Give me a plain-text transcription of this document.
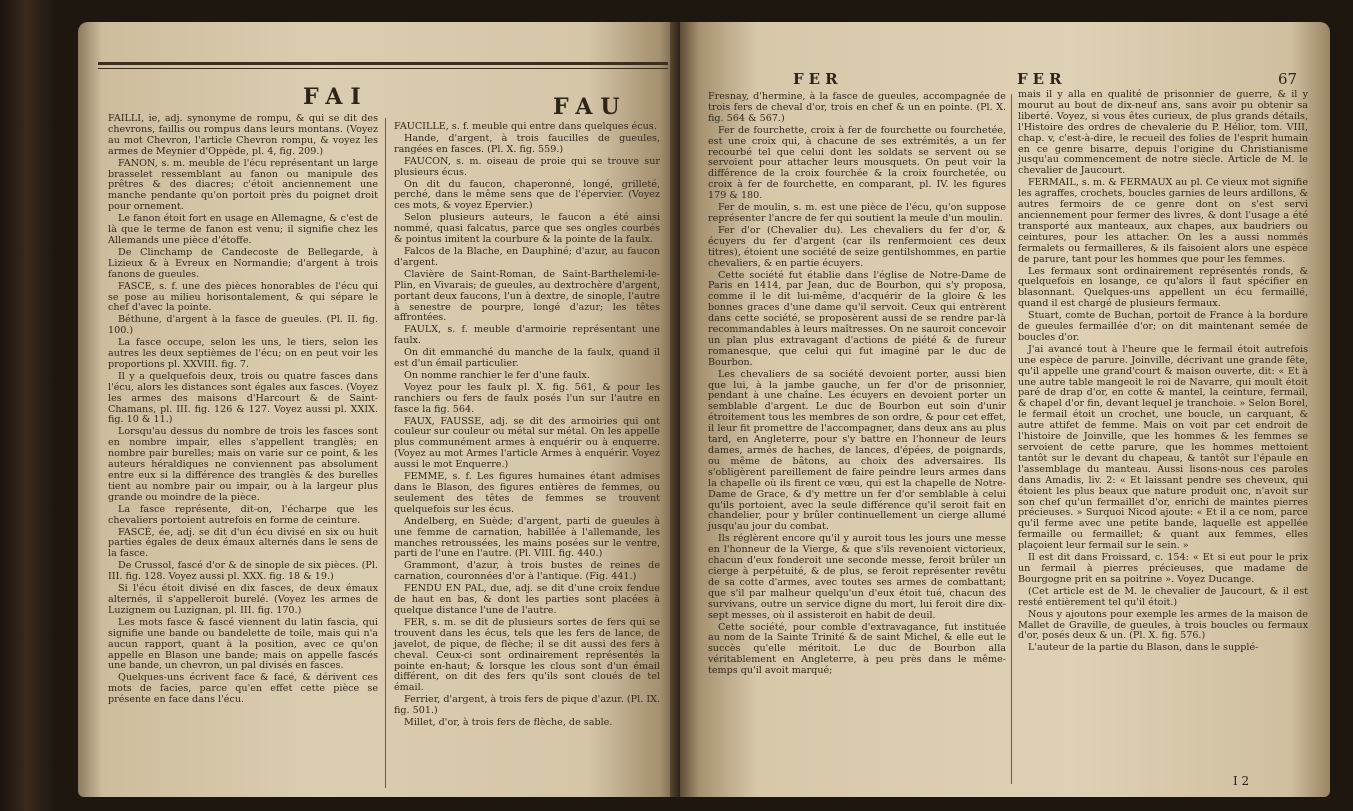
FAI	FAU

FAILLI, ie, adj. synonyme de rompu, & qui se dit des chevrons, faillis ou rompus dans leurs montans. (Voyez au mot Chevron, l'article Chevron rompu, & voyez les armes de Meynier d'Oppède, pl. 4, fig. 209.)

FANON, s. m. meuble de l'écu représentant un large brasselet ressemblant au fanon ou manipule des prêtres & des diacres; c'étoit anciennement une manche pendante qu'on portoit près du poignet droit pour ornement.

Le fanon étoit fort en usage en Allemagne, & c'est de là que le terme de fanon est venu; il signifie chez les Allemands une pièce d'étoffe.

De Clinchamp de Candecoste de Bellegarde, à Lizieux & à Evreux en Normandie; d'argent à trois fanons de gueules.

FASCE, s. f. une des pièces honorables de l'écu qui se pose au milieu horisontalement, & qui sépare le chef d'avec la pointe.

Béthune, d'argent à la fasce de gueules. (Pl. II. fig. 100.)

La fasce occupe, selon les uns, le tiers, selon les autres les deux septièmes de l'écu; on en peut voir les proportions pl. XXVIII. fig. 7.

Il y a quelquefois deux, trois ou quatre fasces dans l'écu, alors les distances sont égales aux fasces. (Voyez les armes des maisons d'Harcourt & de Saint-Chamans, pl. III. fig. 126 & 127. Voyez aussi pl. XXIX. fig. 10 & 11.)

Lorsqu'au dessus du nombre de trois les fasces sont en nombre impair, elles s'appellent tranglès; en nombre pair burelles; mais on varie sur ce point, & les auteurs héraldiques ne conviennent pas absolument entre eux si la différence des tranglès & des burelles tient au nombre pair ou impair, ou à la largeur plus grande ou moindre de la pièce.

La fasce représente, dit-on, l'écharpe que les chevaliers portoient autrefois en forme de ceinture.

FASCÉ, ée, adj. se dit d'un écu divisé en six ou huit parties égales de deux émaux alternés dans le sens de la fasce.

De Crussol, fascé d'or & de sinople de six pièces. (Pl. III. fig. 128. Voyez aussi pl. XXX. fig. 18 & 19.)

Si l'écu étoit divisé en dix fasces, de deux émaux alternés, il s'appelleroit burelé. (Voyez les armes de Luzignem ou Luzignan, pl. III. fig. 170.)

Les mots fasce & fascé viennent du latin fascia, qui signifie une bande ou bandelette de toile, mais qui n'a aucun rapport, quant à la position, avec ce qu'on appelle en Blason une bande; mais on appelle fascés une bande, un chevron, un pal divisés en fasces.

Quelques-uns écrivent face & facé, & dérivent ces mots de facies, parce qu'en effet cette pièce se présente en face dans l'écu.

FAUCILLE, s. f. meuble qui entre dans quelques écus.

Hande, d'argent, à trois faucilles de gueules, rangées en fasces. (Pl. X. fig. 559.)

FAUCON, s. m. oiseau de proie qui se trouve sur plusieurs écus.

On dit du faucon, chaperonné, longé, grilleté, perché, dans le même sens que de l'épervier. (Voyez ces mots, & voyez Epervier.)

Selon plusieurs auteurs, le faucon a été ainsi nommé, quasi falcatus, parce que ses ongles courbés & pointus imitent la courbure & la pointe de la faulx.

Falcos de la Blache, en Dauphiné; d'azur, au faucon d'argent.

Clavière de Saint-Roman, de Saint-Barthelemi-le-Plin, en Vivarais; de gueules, au dextrochère d'argent, portant deux faucons, l'un à dextre, de sinople, l'autre à senestre de pourpre, longé d'azur; les têtes affrontées.

FAULX, s. f. meuble d'armoirie représentant une faulx.

On dit emmanché du manche de la faulx, quand il est d'un émail particulier.

On nomme ranchier le fer d'une faulx.

Voyez pour les faulx pl. X. fig. 561, & pour les ranchiers ou fers de faulx posés l'un sur l'autre en fasce la fig. 564.

FAUX, FAUSSE, adj. se dit des armoiries qui ont couleur sur couleur ou métal sur métal. On les appelle plus communément armes à enquérir ou à enquerre. (Voyez au mot Armes l'article Armes à enquérir. Voyez aussi le mot Enquerre.)

FEMME, s. f. Les figures humaines étant admises dans le Blason, des figures entières de femmes, ou seulement des têtes de femmes se trouvent quelquefois sur les écus.

Andelberg, en Suède; d'argent, parti de gueules à une femme de carnation, habillée à l'allemande, les manches retroussées, les mains posées sur le ventre, parti de l'une en l'autre. (Pl. VIII. fig. 440.)

Grammont, d'azur, à trois bustes de reines de carnation, couronnées d'or à l'antique. (Fig. 441.)

FENDU EN PAL, due, adj. se dit d'une croix fendue de haut en bas, & dont les parties sont placées à quelque distance l'une de l'autre.

FER, s. m. se dit de plusieurs sortes de fers qui se trouvent dans les écus, tels que les fers de lance, de javelot, de pique, de flèche; il se dit aussi des fers à cheval. Ceux-ci sont ordinairement représentés la pointe en-haut; & lorsque les clous sont d'un émail différent, on dit des fers qu'ils sont cloués de tel émail.

Ferrier, d'argent, à trois fers de pique d'azur. (Pl. IX. fig. 501.)

Millet, d'or, à trois fers de flèche, de sable.

FER	FER	67

Fresnay, d'hermine, à la fasce de gueules, accompagnée de trois fers de cheval d'or, trois en chef & un en pointe. (Pl. X. fig. 564 & 567.)

Fer de fourchette, croix à fer de fourchette ou fourchetée, est une croix qui, à chacune de ses extrémités, a un fer recourbé tel que celui dont les soldats se servent ou se servoient pour attacher leurs mousquets. On peut voir la différence de la croix fourchée & la croix fourchetée, ou croix à fer de fourchette, en comparant, pl. IV. les figures 179 & 180.

Fer de moulin, s. m. est une pièce de l'écu, qu'on suppose représenter l'ancre de fer qui soutient la meule d'un moulin.

Fer d'or (Chevalier du). Les chevaliers du fer d'or, & écuyers du fer d'argent (car ils renfermoient ces deux titres), étoient une société de seize gentilshommes, en partie chevaliers, & en partie écuyers.

Cette société fut établie dans l'église de Notre-Dame de Paris en 1414, par Jean, duc de Bourbon, qui s'y proposa, comme il le dit lui-même, d'acquérir de la gloire & les bonnes graces d'une dame qu'il servoit. Ceux qui entrèrent dans cette société, se proposèrent aussi de se rendre par-là recommandables à leurs maîtresses. On ne sauroit concevoir un plan plus extravagant d'actions de piété & de fureur romanesque, que celui qui fut imaginé par le duc de Bourbon.

Les chevaliers de sa société devoient porter, aussi bien que lui, à la jambe gauche, un fer d'or de prisonnier, pendant à une chaîne. Les écuyers en devoient porter un semblable d'argent. Le duc de Bourbon eut soin d'unir étroitement tous les membres de son ordre, & pour cet effet, il leur fit promettre de l'accompagner, dans deux ans au plus tard, en Angleterre, pour s'y battre en l'honneur de leurs dames, armés de haches, de lances, d'épées, de poignards, ou même de bâtons, au choix des adversaires. Ils s'obligèrent pareillement de faire peindre leurs armes dans la chapelle où ils firent ce vœu, qui est la chapelle de Notre-Dame de Grace, & d'y mettre un fer d'or semblable à celui qu'ils portoient, avec la seule différence qu'il seroit fait en chandelier, pour y brûler continuellement un cierge allumé jusqu'au jour du combat.

Ils réglèrent encore qu'il y auroit tous les jours une messe en l'honneur de la Vierge, & que s'ils revenoient victorieux, chacun d'eux fonderoit une seconde messe, feroit brûler un cierge à perpétuité, & de plus, se feroit représenter revêtu de sa cotte d'armes, avec toutes ses armes de combattant; que s'il par malheur quelqu'un d'eux étoit tué, chacun des survivans, outre un service digne du mort, lui feroit dire dix-sept messes, où il assisteroit en habit de deuil.

Cette société, pour comble d'extravagance, fut instituée au nom de la Sainte Trinité & de saint Michel, & elle eut le succès qu'elle méritoit. Le duc de Bourbon alla véritablement en Angleterre, à peu près dans le même-temps qu'il avoit marqué;

mais il y alla en qualité de prisonnier de guerre, & il y mourut au bout de dix-neuf ans, sans avoir pu obtenir sa liberté. Voyez, si vous êtes curieux, de plus grands détails, l'Histoire des ordres de chevalerie du P. Hélior, tom. VIII, chap. v, c'est-à-dire, le recueil des folies de l'esprit humain en ce genre bisarre, depuis l'origine du Christianisme jusqu'au commencement de notre siècle. Article de M. le chevalier de Jaucourt.

FERMAIL, s. m. & FERMAUX au pl. Ce vieux mot signifie les agraffes, crochets, boucles garnies de leurs ardillons, & autres fermoirs de ce genre dont on s'est servi anciennement pour fermer des livres, & dont l'usage a été transporté aux manteaux, aux chapes, aux baudriers ou ceintures, pour les attacher. On les a aussi nommés fermalets ou fermailleres, & ils faisoient alors une espèce de parure, tant pour les hommes que pour les femmes.

Les fermaux sont ordinairement représentés ronds, & quelquefois en losange, ce qu'alors il faut spécifier en blasonnant. Quelques-uns appellent un écu fermaillé, quand il est chargé de plusieurs fermaux.

Stuart, comte de Buchan, portoit de France à la bordure de gueules fermaillée d'or; on dit maintenant semée de boucles d'or.

J'ai avancé tout à l'heure que le fermail étoit autrefois une espèce de parure. Joinville, décrivant une grande fête, qu'il appelle une grand'court & maison ouverte, dit: « Et à une autre table mangeoit le roi de Navarre, qui moult étoit paré de drap d'or, en cotte & mantel, la ceinture, fermail, & chapel d'or fin, devant lequel je tranchoie. » Selon Borel, le fermail étoit un crochet, une boucle, un carquant, & autre attifet de femme. Mais on voit par cet endroit de l'histoire de Joinville, que les hommes & les femmes se servoient de cette parure, que les hommes mettoient tantôt sur le devant du chapeau, & tantôt sur l'épaule en l'assemblage du manteau. Aussi lisons-nous ces paroles dans Amadis, liv. 2: « Et laissant pendre ses cheveux, qui étoient les plus beaux que nature produit onc, n'avoit sur son chef qu'un fermaillet d'or, enrichi de maintes pierres précieuses. » Surquoi Nicod ajoute: « Et il a ce nom, parce qu'il ferme avec une petite bande, laquelle est appellée fermaille ou fermaillet; & quant aux femmes, elles plaçoient leur fermail sur le sein. »

Il est dit dans Froissard, c. 154: « Et si eut pour le prix un fermail à pierres précieuses, que madame de Bourgogne prit en sa poitrine ». Voyez Ducange.

(Cet article est de M. le chevalier de Jaucourt, & il est resté entièrement tel qu'il étoit.)

Nous y ajoutons pour exemple les armes de la maison de Mallet de Graville, de gueules, à trois boucles ou fermaux d'or, posés deux & un. (Pl. X. fig. 576.)

L'auteur de la partie du Blason, dans le supplé-

I 2
